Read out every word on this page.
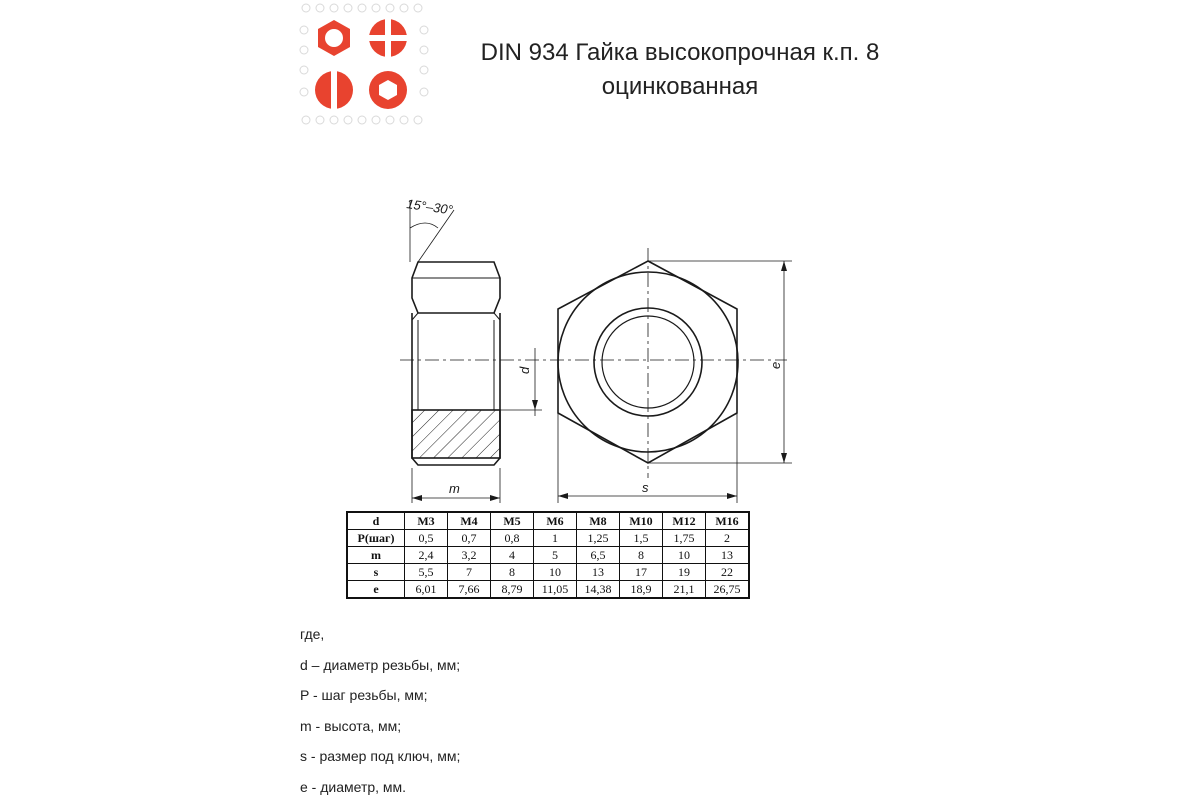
DIN 934 Гайка высокопрочная к.п. 8
оцинкованная
15°–30°
d
e
m	s
d	M3	M4	M5	M6	M8	M10	M12	M16
P(шаг)	0,5	0,7	0,8	1	1,25	1,5	1,75	2
m	2,4	3,2	4	5	6,5	8	10	13
s	5,5	7	8	10	13	17	19	22
e	6,01	7,66	8,79	11,05	14,38	18,9	21,1	26,75
где,
d – диаметр резьбы, мм;
P - шаг резьбы, мм;
m - высота, мм;
s - размер под ключ, мм;
e - диаметр, мм.
